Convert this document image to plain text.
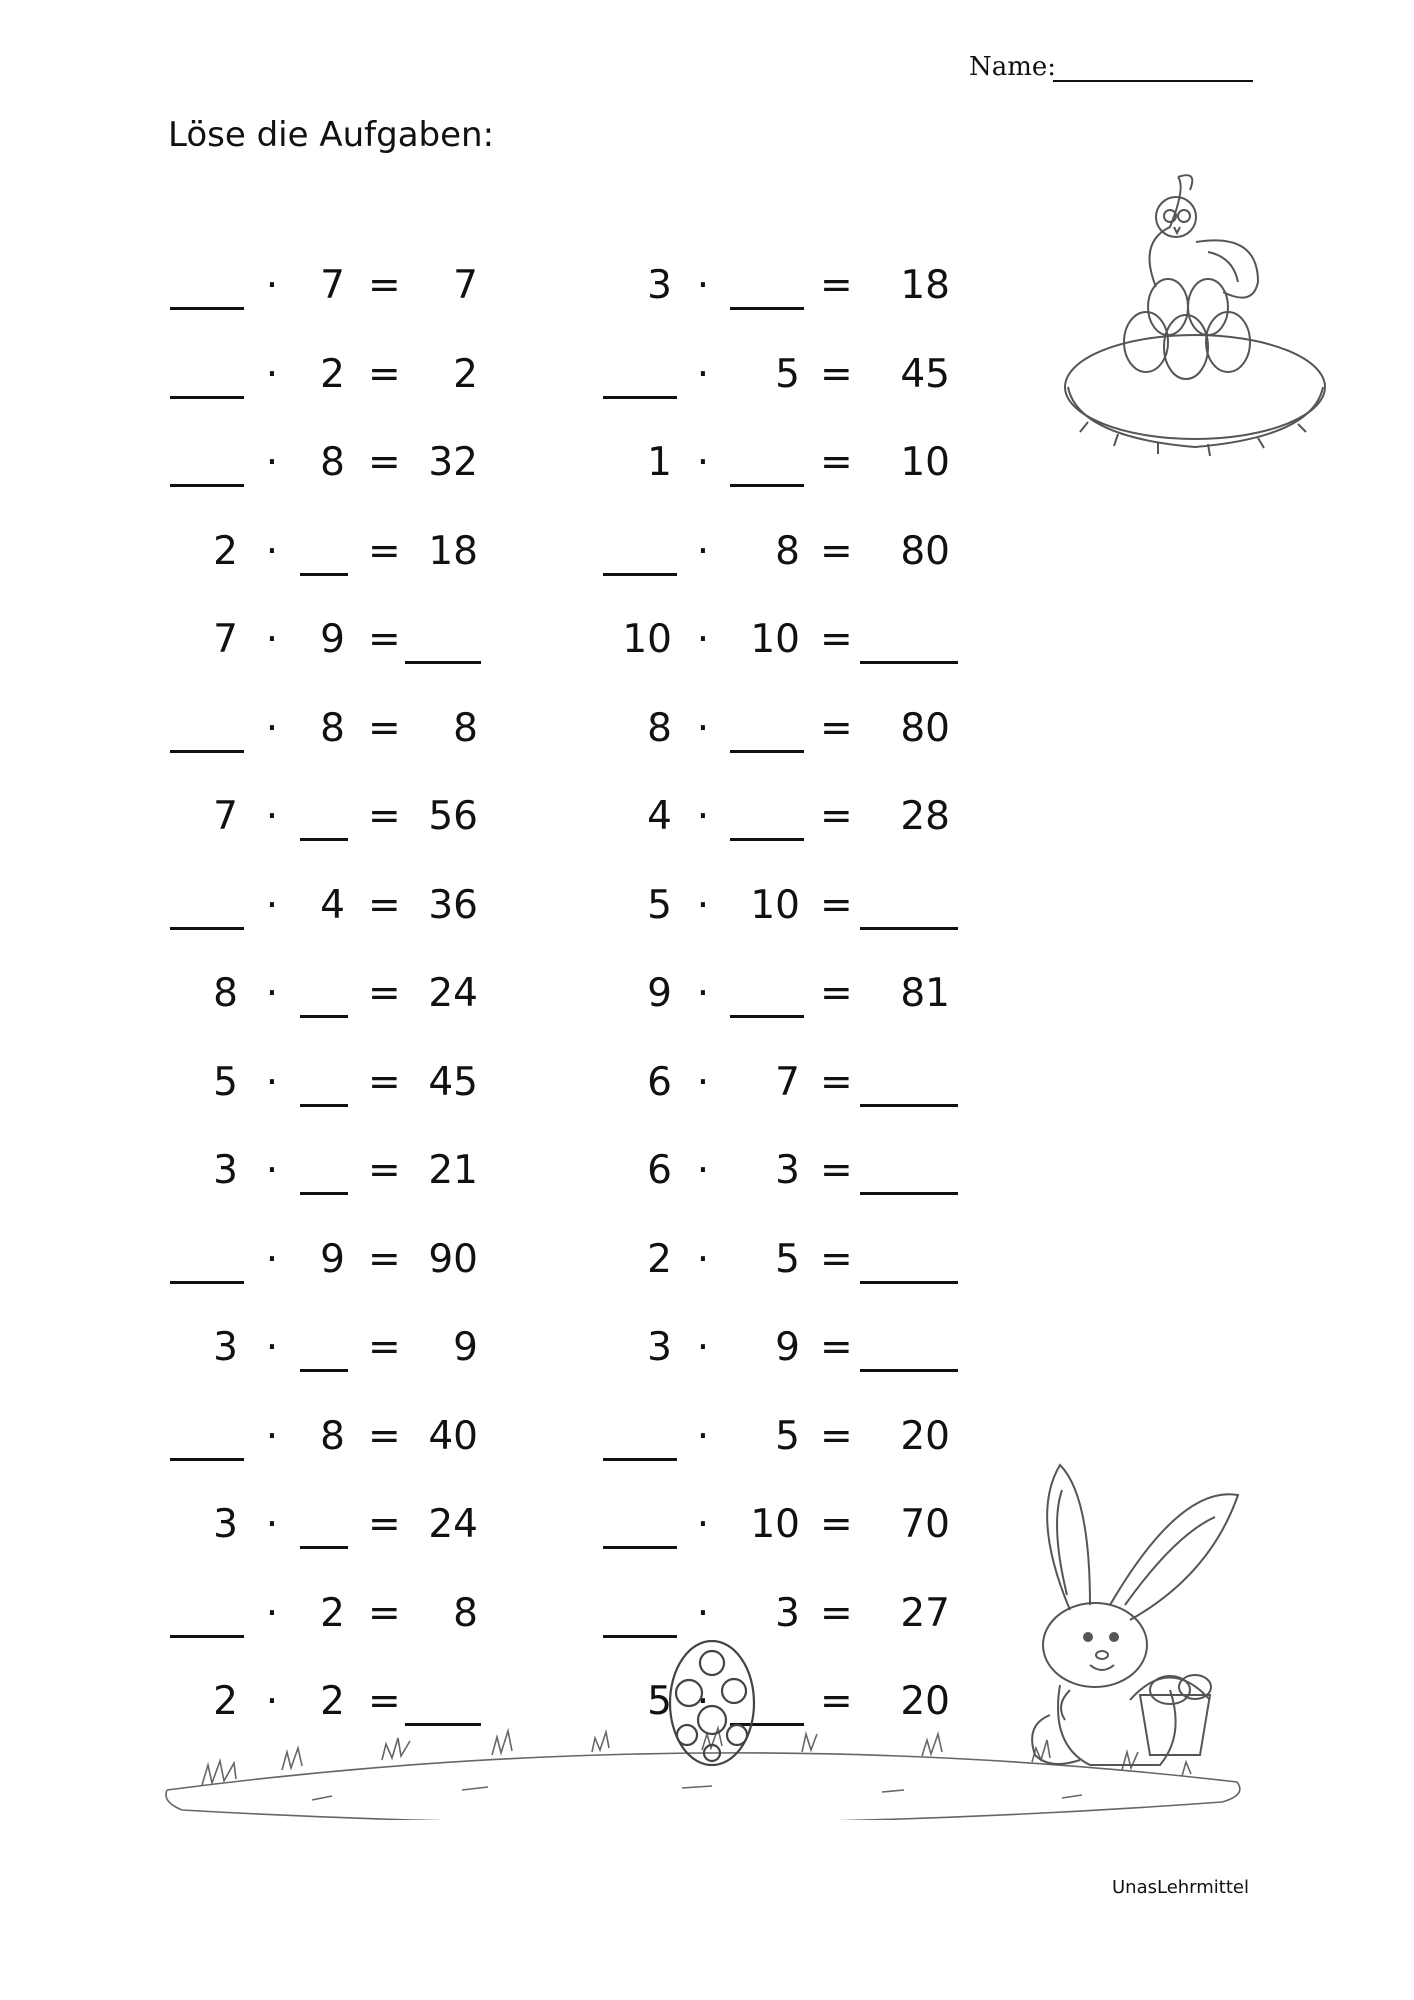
Name:
Löse die Aufgaben:
·	7 =	7
·	2 =	2
·	8 = 32
2 · = 18
7 ·	9 =
·	8 =	8
7 · = 56
·	4 = 36
8 · = 24
5 · = 45
3 · = 21
·	9 = 90
3 · =	9
·	8 = 40
3 · = 24
·	2 =	8
2 ·	2 =
3 ·	=	18
·	5 =	45
1 ·	=	10
·	8 =	80
10 ·	10 =
8 ·	=	80
4 ·	=	28
5 ·	10 =
9 ·	=	81
6 ·	7 =
6 ·	3 =
2 ·	5 =
3 ·	9 =
·	5 =	20
·	10 =	70
·	3 =	27
5 ·	=	20
UnasLehrmittel
